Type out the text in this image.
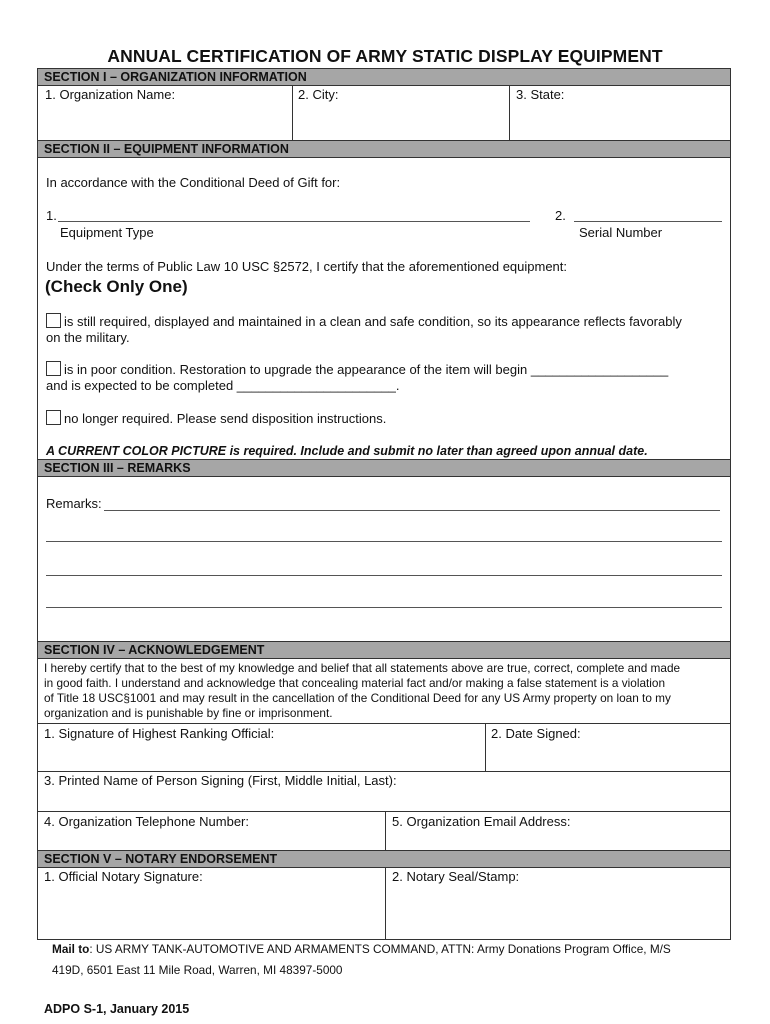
ANNUAL CERTIFICATION OF ARMY STATIC DISPLAY EQUIPMENT
SECTION I – ORGANIZATION INFORMATION
1. Organization Name:	2. City:	3. State:
SECTION II – EQUIPMENT INFORMATION
In accordance with the Conditional Deed of Gift for:
1.	2.
Equipment Type	Serial Number
Under the terms of Public Law 10 USC §2572, I certify that the aforementioned equipment:
(Check Only One)
is still required, displayed and maintained in a clean and safe condition, so its appearance reflects favorably
on the military.
is in poor condition. Restoration to upgrade the appearance of the item will begin ___________________
and is expected to be completed ______________________.
no longer required. Please send disposition instructions.
A CURRENT COLOR PICTURE is required. Include and submit no later than agreed upon annual date.
SECTION III – REMARKS
Remarks:
SECTION IV – ACKNOWLEDGEMENT
I hereby certify that to the best of my knowledge and belief that all statements above are true, correct, complete and made
in good faith. I understand and acknowledge that concealing material fact and/or making a false statement is a violation
of Title 18 USC§1001 and may result in the cancellation of the Conditional Deed for any US Army property on loan to my
organization and is punishable by fine or imprisonment.
1. Signature of Highest Ranking Official:	2. Date Signed:
3. Printed Name of Person Signing (First, Middle Initial, Last):
4. Organization Telephone Number:	5. Organization Email Address:
SECTION V – NOTARY ENDORSEMENT
1. Official Notary Signature:	2. Notary Seal/Stamp:
Mail to: US ARMY TANK-AUTOMOTIVE AND ARMAMENTS COMMAND, ATTN: Army Donations Program Office, M/S
419D, 6501 East 11 Mile Road, Warren, MI 48397-5000
ADPO S-1, January 2015
